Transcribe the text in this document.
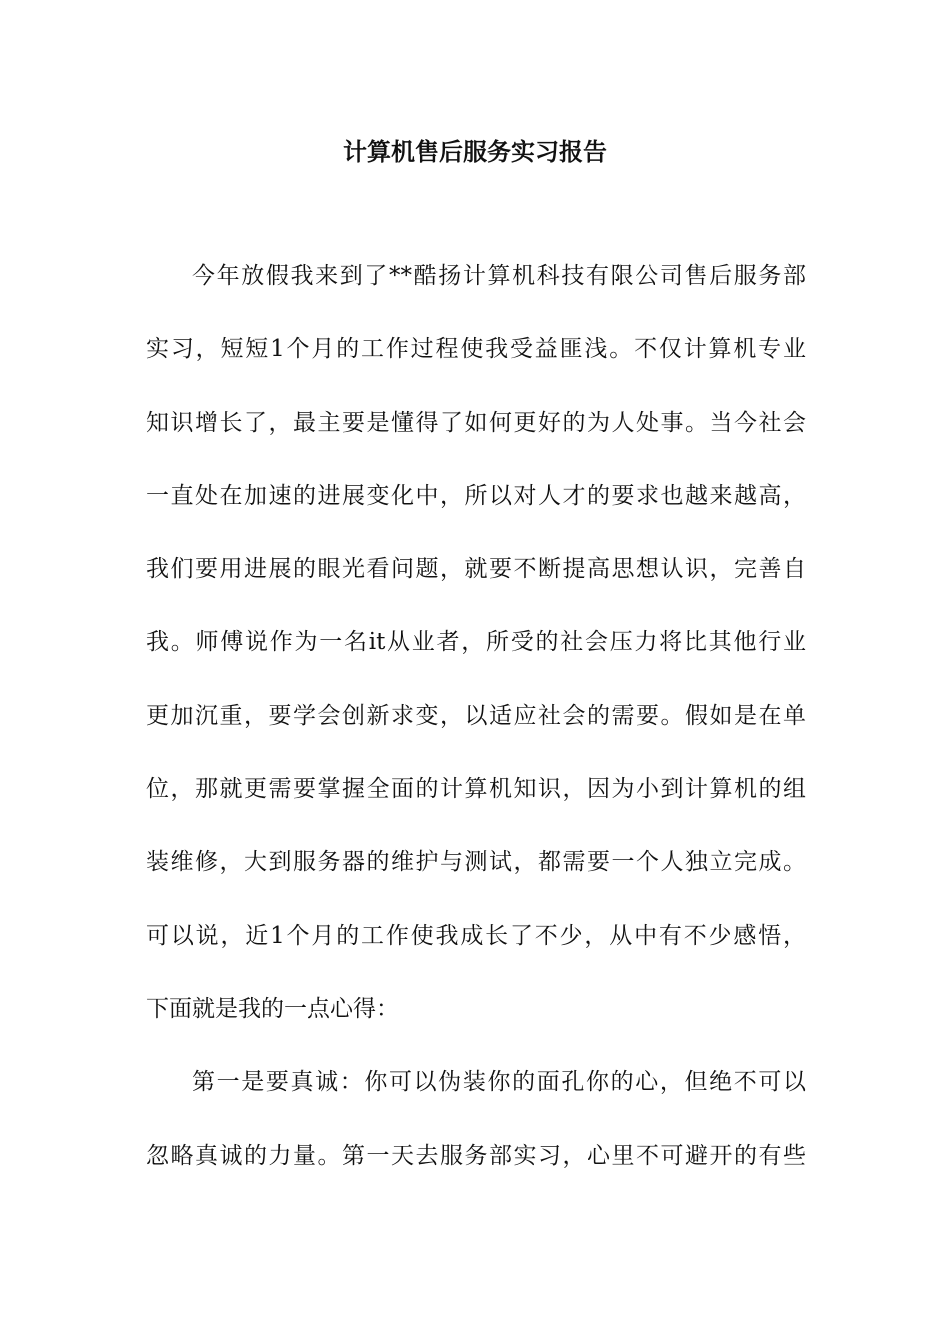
计算机售后服务实习报告
今年放假我来到了**酷扬计算机科技有限公司售后服务部
实习，短短1个月的工作过程使我受益匪浅。不仅计算机专业
知识增长了，最主要是懂得了如何更好的为人处事。当今社会
一直处在加速的进展变化中，所以对人才的要求也越来越高，
我们要用进展的眼光看问题，就要不断提高思想认识，完善自
我。师傅说作为一名it从业者，所受的社会压力将比其他行业
更加沉重，要学会创新求变，以适应社会的需要。假如是在单
位，那就更需要掌握全面的计算机知识，因为小到计算机的组
装维修，大到服务器的维护与测试，都需要一个人独立完成。
可以说，近1个月的工作使我成长了不少，从中有不少感悟，
下面就是我的一点心得：
第一是要真诚：你可以伪装你的面孔你的心，但绝不可以
忽略真诚的力量。第一天去服务部实习，心里不可避开的有些
